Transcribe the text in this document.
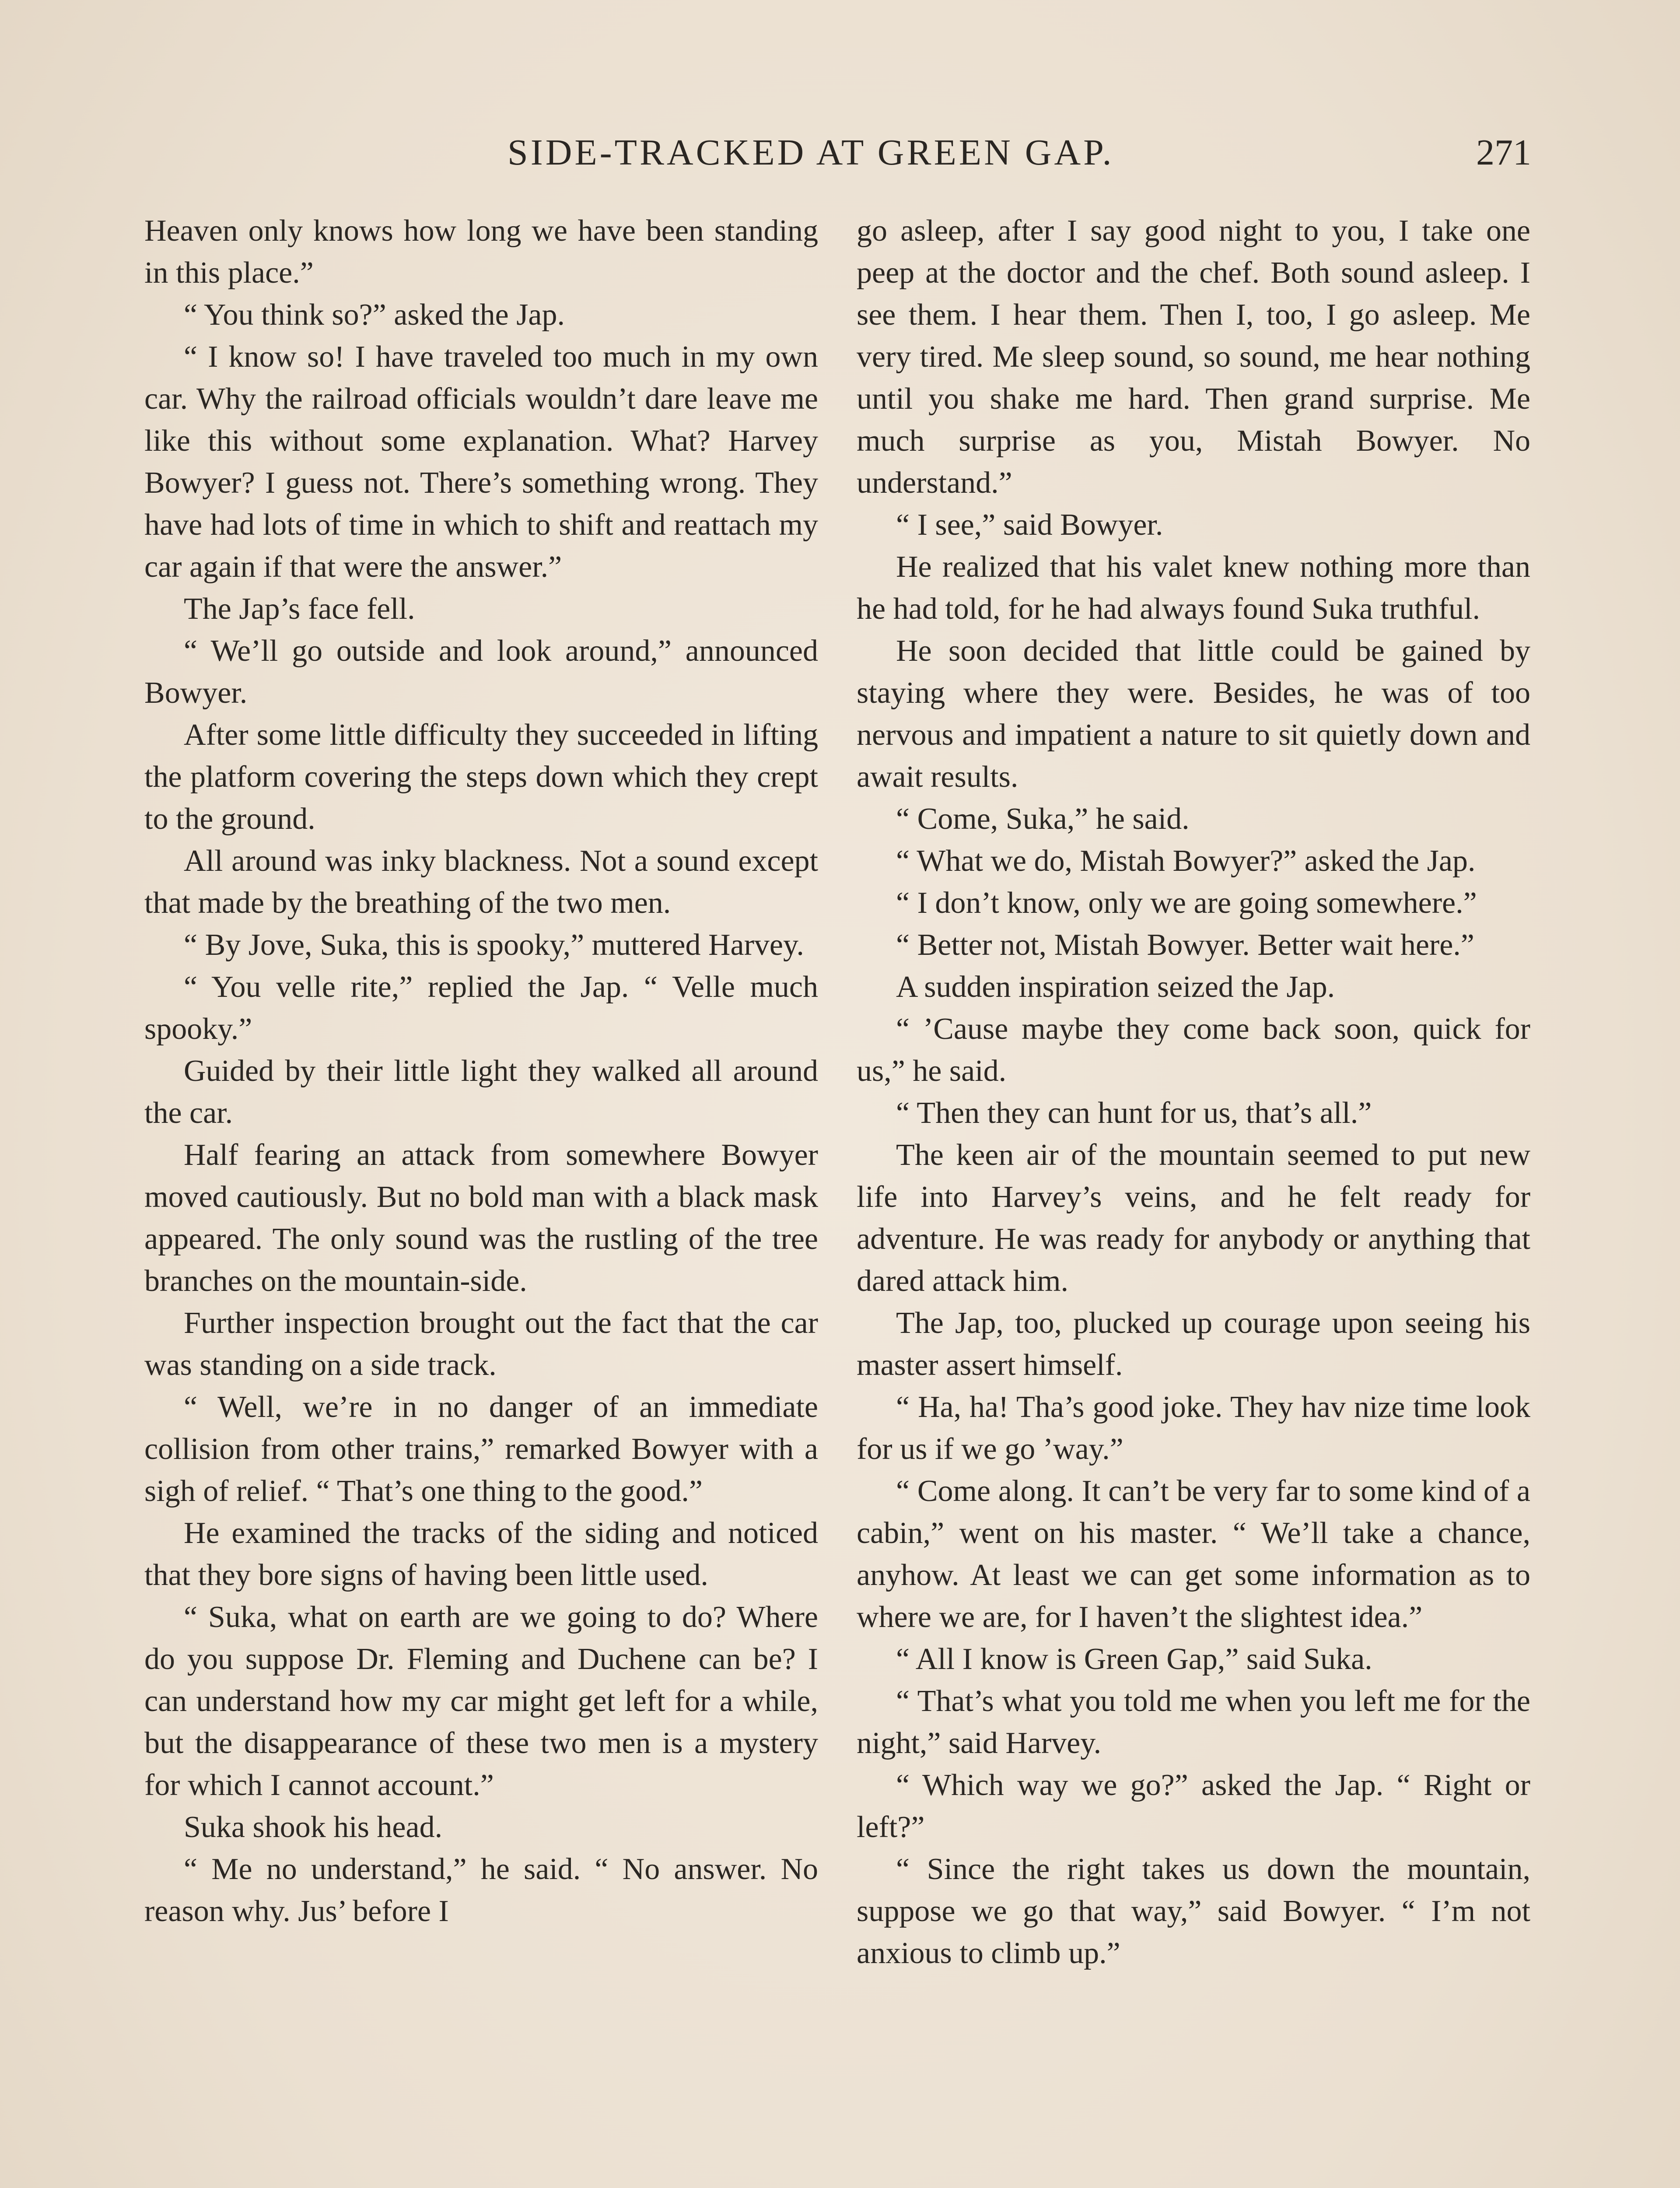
SIDE-TRACKED AT GREEN GAP.	271

Heaven only knows how long we have been standing in this place.”

“ You think so?” asked the Jap.

“ I know so! I have traveled too much in my own car. Why the railroad officials wouldn’t dare leave me like this without some explanation. What? Harvey Bowyer? I guess not. There’s something wrong. They have had lots of time in which to shift and reattach my car again if that were the answer.”

The Jap’s face fell.

“ We’ll go outside and look around,” announced Bowyer.

After some little difficulty they succeeded in lifting the platform covering the steps down which they crept to the ground.

All around was inky blackness. Not a sound except that made by the breathing of the two men.

“ By Jove, Suka, this is spooky,” muttered Harvey.

“ You velle rite,” replied the Jap. “ Velle much spooky.”

Guided by their little light they walked all around the car.

Half fearing an attack from somewhere Bowyer moved cautiously. But no bold man with a black mask appeared. The only sound was the rustling of the tree branches on the mountain-side.

Further inspection brought out the fact that the car was standing on a side track.

“ Well, we’re in no danger of an immediate collision from other trains,” remarked Bowyer with a sigh of relief. “ That’s one thing to the good.”

He examined the tracks of the siding and noticed that they bore signs of having been little used.

“ Suka, what on earth are we going to do? Where do you suppose Dr. Fleming and Duchene can be? I can understand how my car might get left for a while, but the disappearance of these two men is a mystery for which I cannot account.”

Suka shook his head.

“ Me no understand,” he said. “ No answer. No reason why. Jus’ before I

go asleep, after I say good night to you, I take one peep at the doctor and the chef. Both sound asleep. I see them. I hear them. Then I, too, I go asleep. Me very tired. Me sleep sound, so sound, me hear nothing until you shake me hard. Then grand surprise. Me much surprise as you, Mistah Bowyer. No understand.”

“ I see,” said Bowyer.

He realized that his valet knew nothing more than he had told, for he had always found Suka truthful.

He soon decided that little could be gained by staying where they were. Besides, he was of too nervous and impatient a nature to sit quietly down and await results.

“ Come, Suka,” he said.

“ What we do, Mistah Bowyer?” asked the Jap.

“ I don’t know, only we are going somewhere.”

“ Better not, Mistah Bowyer. Better wait here.”

A sudden inspiration seized the Jap.

“ ’Cause maybe they come back soon, quick for us,” he said.

“ Then they can hunt for us, that’s all.”

The keen air of the mountain seemed to put new life into Harvey’s veins, and he felt ready for adventure. He was ready for anybody or anything that dared attack him.

The Jap, too, plucked up courage upon seeing his master assert himself.

“ Ha, ha! Tha’s good joke. They hav nize time look for us if we go ’way.”

“ Come along. It can’t be very far to some kind of a cabin,” went on his master. “ We’ll take a chance, anyhow. At least we can get some information as to where we are, for I haven’t the slightest idea.”

“ All I know is Green Gap,” said Suka.

“ That’s what you told me when you left me for the night,” said Harvey.

“ Which way we go?” asked the Jap. “ Right or left?”

“ Since the right takes us down the mountain, suppose we go that way,” said Bowyer. “ I’m not anxious to climb up.”
